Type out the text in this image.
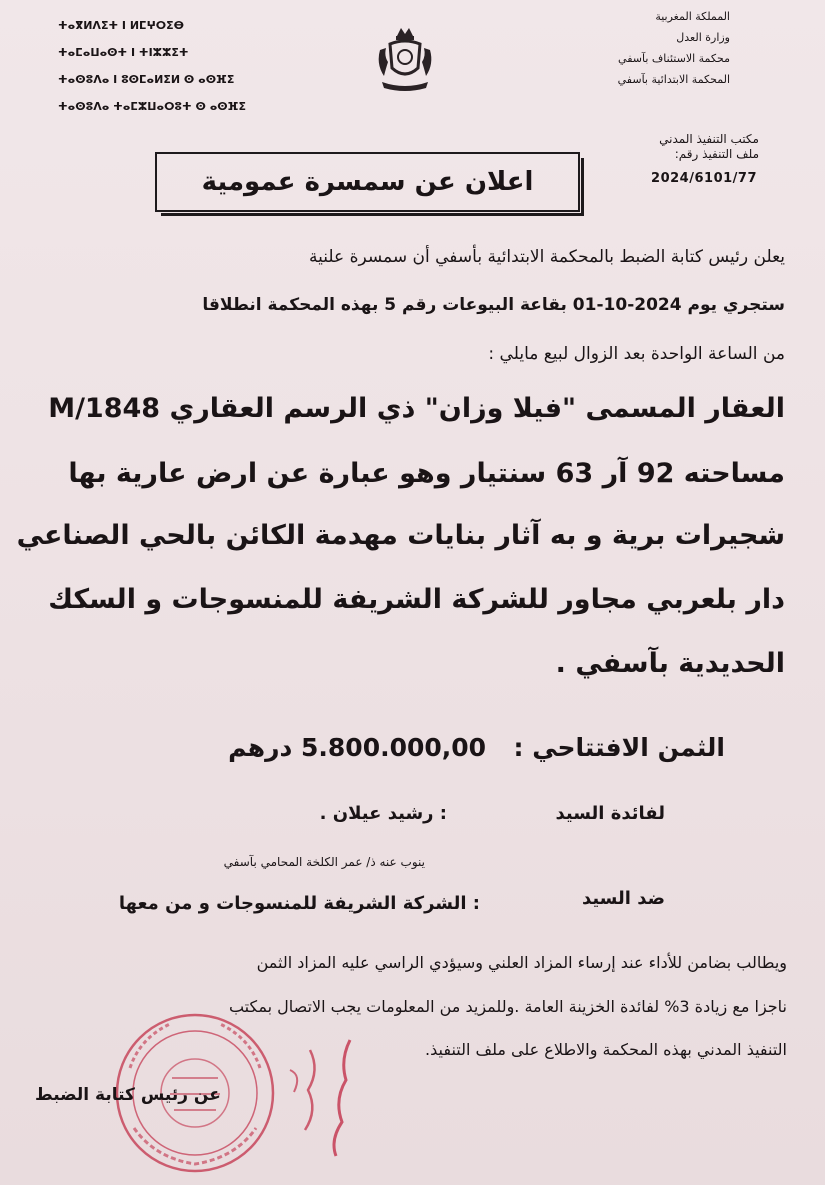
المملكة المغربية
وزارة العدل
محكمة الاستئناف بآسفي
المحكمة الابتدائية بآسفي
مكتب التنفيذ المدني
ملف التنفيذ رقم:
2024/6101/77
ⵜⴰⴳⵍⴷⵉⵜ ⵏ ⵍⵎⵖⵔⵉⴱ
ⵜⴰⵎⴰⵡⴰⵙⵜ ⵏ ⵜⵏⵣⵣⵉⵜ
ⵜⴰⵙⵓⴷⴰ ⵏ ⵓⵙⵎⴰⵍⵉⵍ ⵙ ⴰⵙⴼⵉ
ⵜⴰⵙⵓⴷⴰ ⵜⴰⵎⵣⵡⴰⵔⵓⵜ ⵙ ⴰⵙⴼⵉ
اعلان عن سمسرة عمومية
يعلن رئيس كتابة الضبط بالمحكمة الابتدائية بأسفي أن سمسرة علنية
ستجري يوم 2024-10-01 بقاعة البيوعات رقم 5 بهذه المحكمة انطلاقا
من الساعة الواحدة بعد الزوال لبيع مايلي :
العقار المسمى "فيلا وزان" ذي الرسم العقاري M/1848
مساحته 92 آر 63 سنتيار وهو عبارة عن ارض عارية بها
شجيرات برية و به آثار بنايات مهدمة الكائن بالحي الصناعي
دار بلعربي مجاور للشركة الشريفة للمنسوجات و السكك
الحديدية بآسفي .
الثمن الافتتاحي :  5.800.000,00 درهم
لفائدة السيد
: رشيد عيلان .
ينوب عنه ذ/ عمر الكلخة المحامي بآسفي
ضد السيد
: الشركة الشريفة للمنسوجات و من معها
ويطالب بضامن للأداء عند إرساء المزاد العلني وسيؤدي الراسي عليه المزاد الثمن
ناجزا مع زيادة 3% لفائدة الخزينة العامة .وللمزيد من المعلومات يجب الاتصال بمكتب
التنفيذ المدني بهذه المحكمة والاطلاع على ملف التنفيذ.
عن رئيس كتابة الضبط
